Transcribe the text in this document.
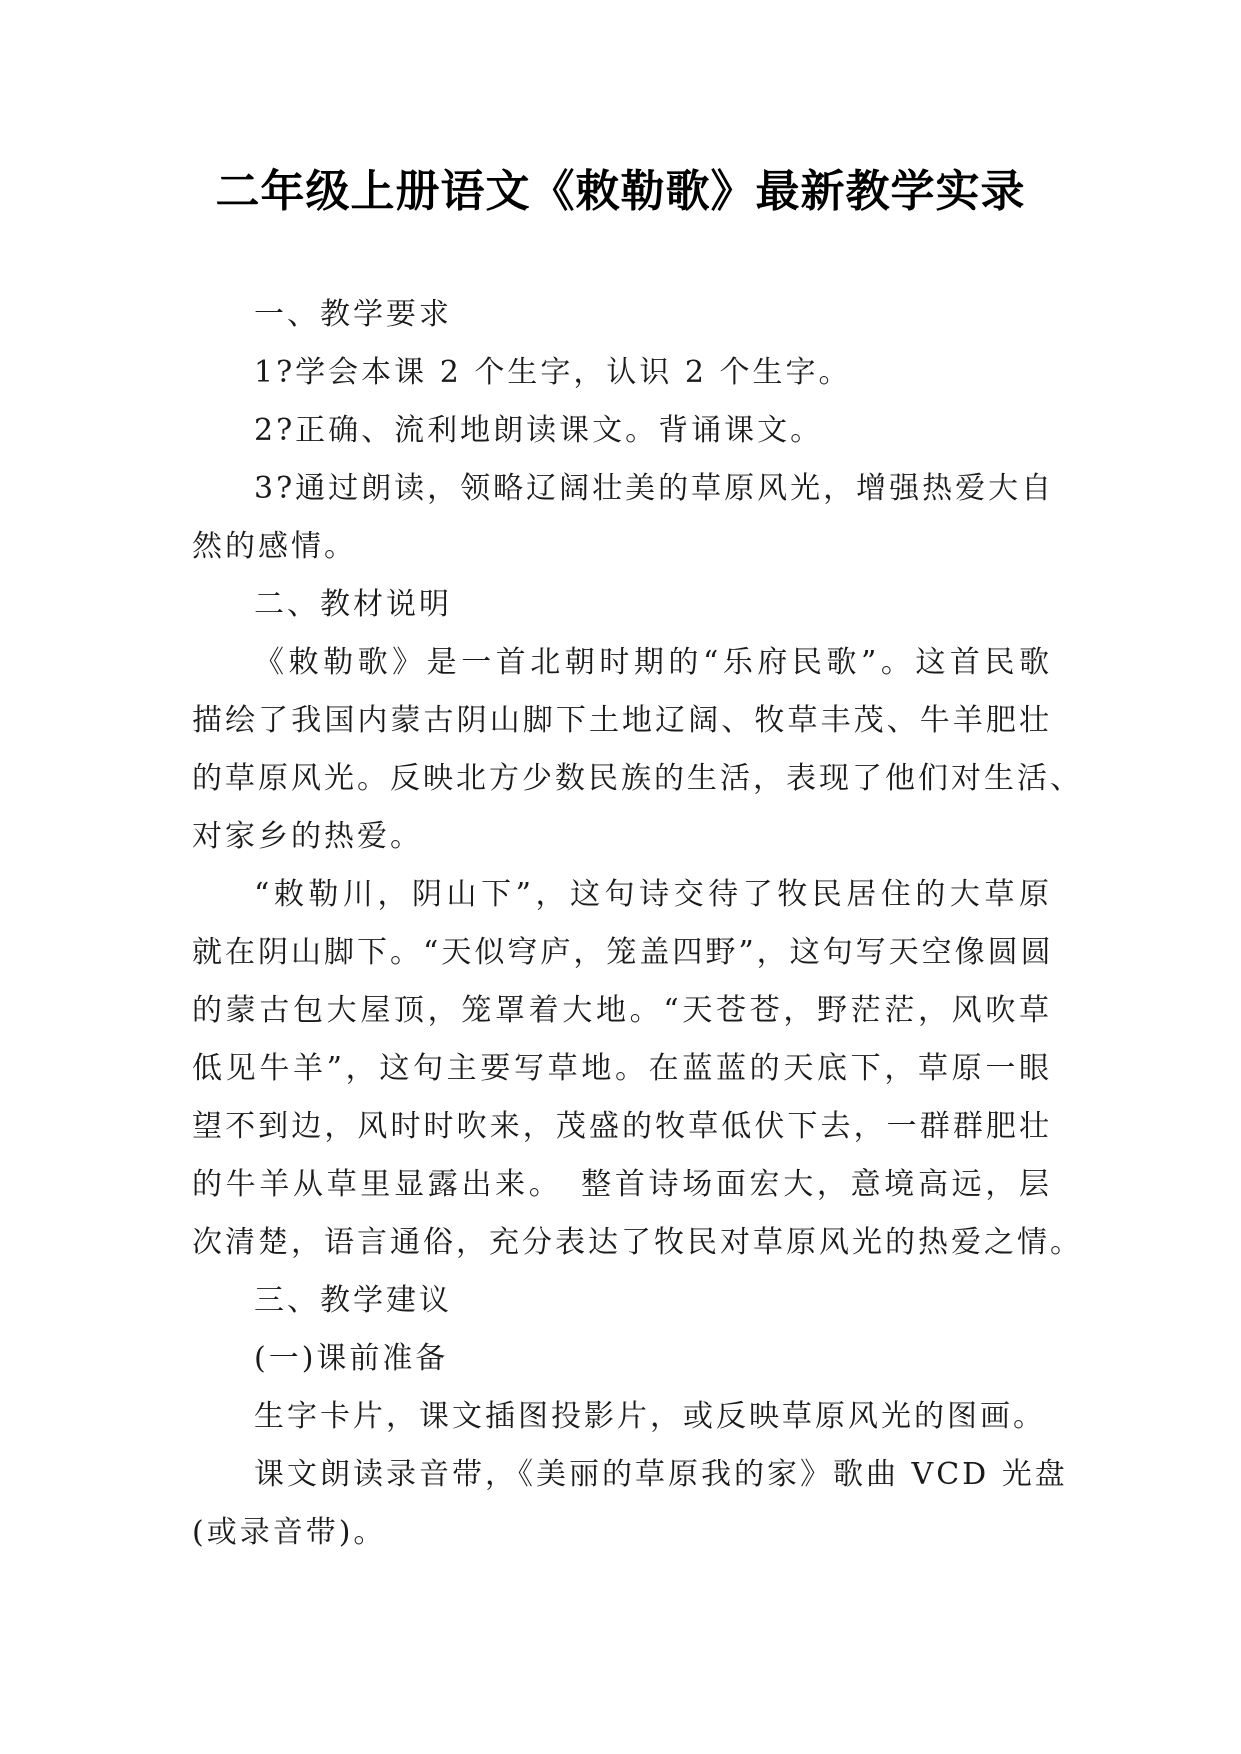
二年级上册语文《敕勒歌》最新教学实录
一、教学要求
1?学会本课 2 个生字，认识 2 个生字。
2?正确、流利地朗读课文。背诵课文。
3?通过朗读，领略辽阔壮美的草原风光，增强热爱大自
然的感情。
二、教材说明
《敕勒歌》是一首北朝时期的“乐府民歌”。这首民歌
描绘了我国内蒙古阴山脚下土地辽阔、牧草丰茂、牛羊肥壮
的草原风光。反映北方少数民族的生活，表现了他们对生活、
对家乡的热爱。
“敕勒川，阴山下”，这句诗交待了牧民居住的大草原
就在阴山脚下。“天似穹庐，笼盖四野”，这句写天空像圆圆
的蒙古包大屋顶，笼罩着大地。“天苍苍，野茫茫，风吹草
低见牛羊”，这句主要写草地。在蓝蓝的天底下，草原一眼
望不到边，风时时吹来，茂盛的牧草低伏下去，一群群肥壮
的牛羊从草里显露出来。　整首诗场面宏大，意境高远，层
次清楚，语言通俗，充分表达了牧民对草原风光的热爱之情。
三、教学建议
(一)课前准备
生字卡片，课文插图投影片，或反映草原风光的图画。
课文朗读录音带，《美丽的草原我的家》歌曲 VCD 光盘
(或录音带)。
